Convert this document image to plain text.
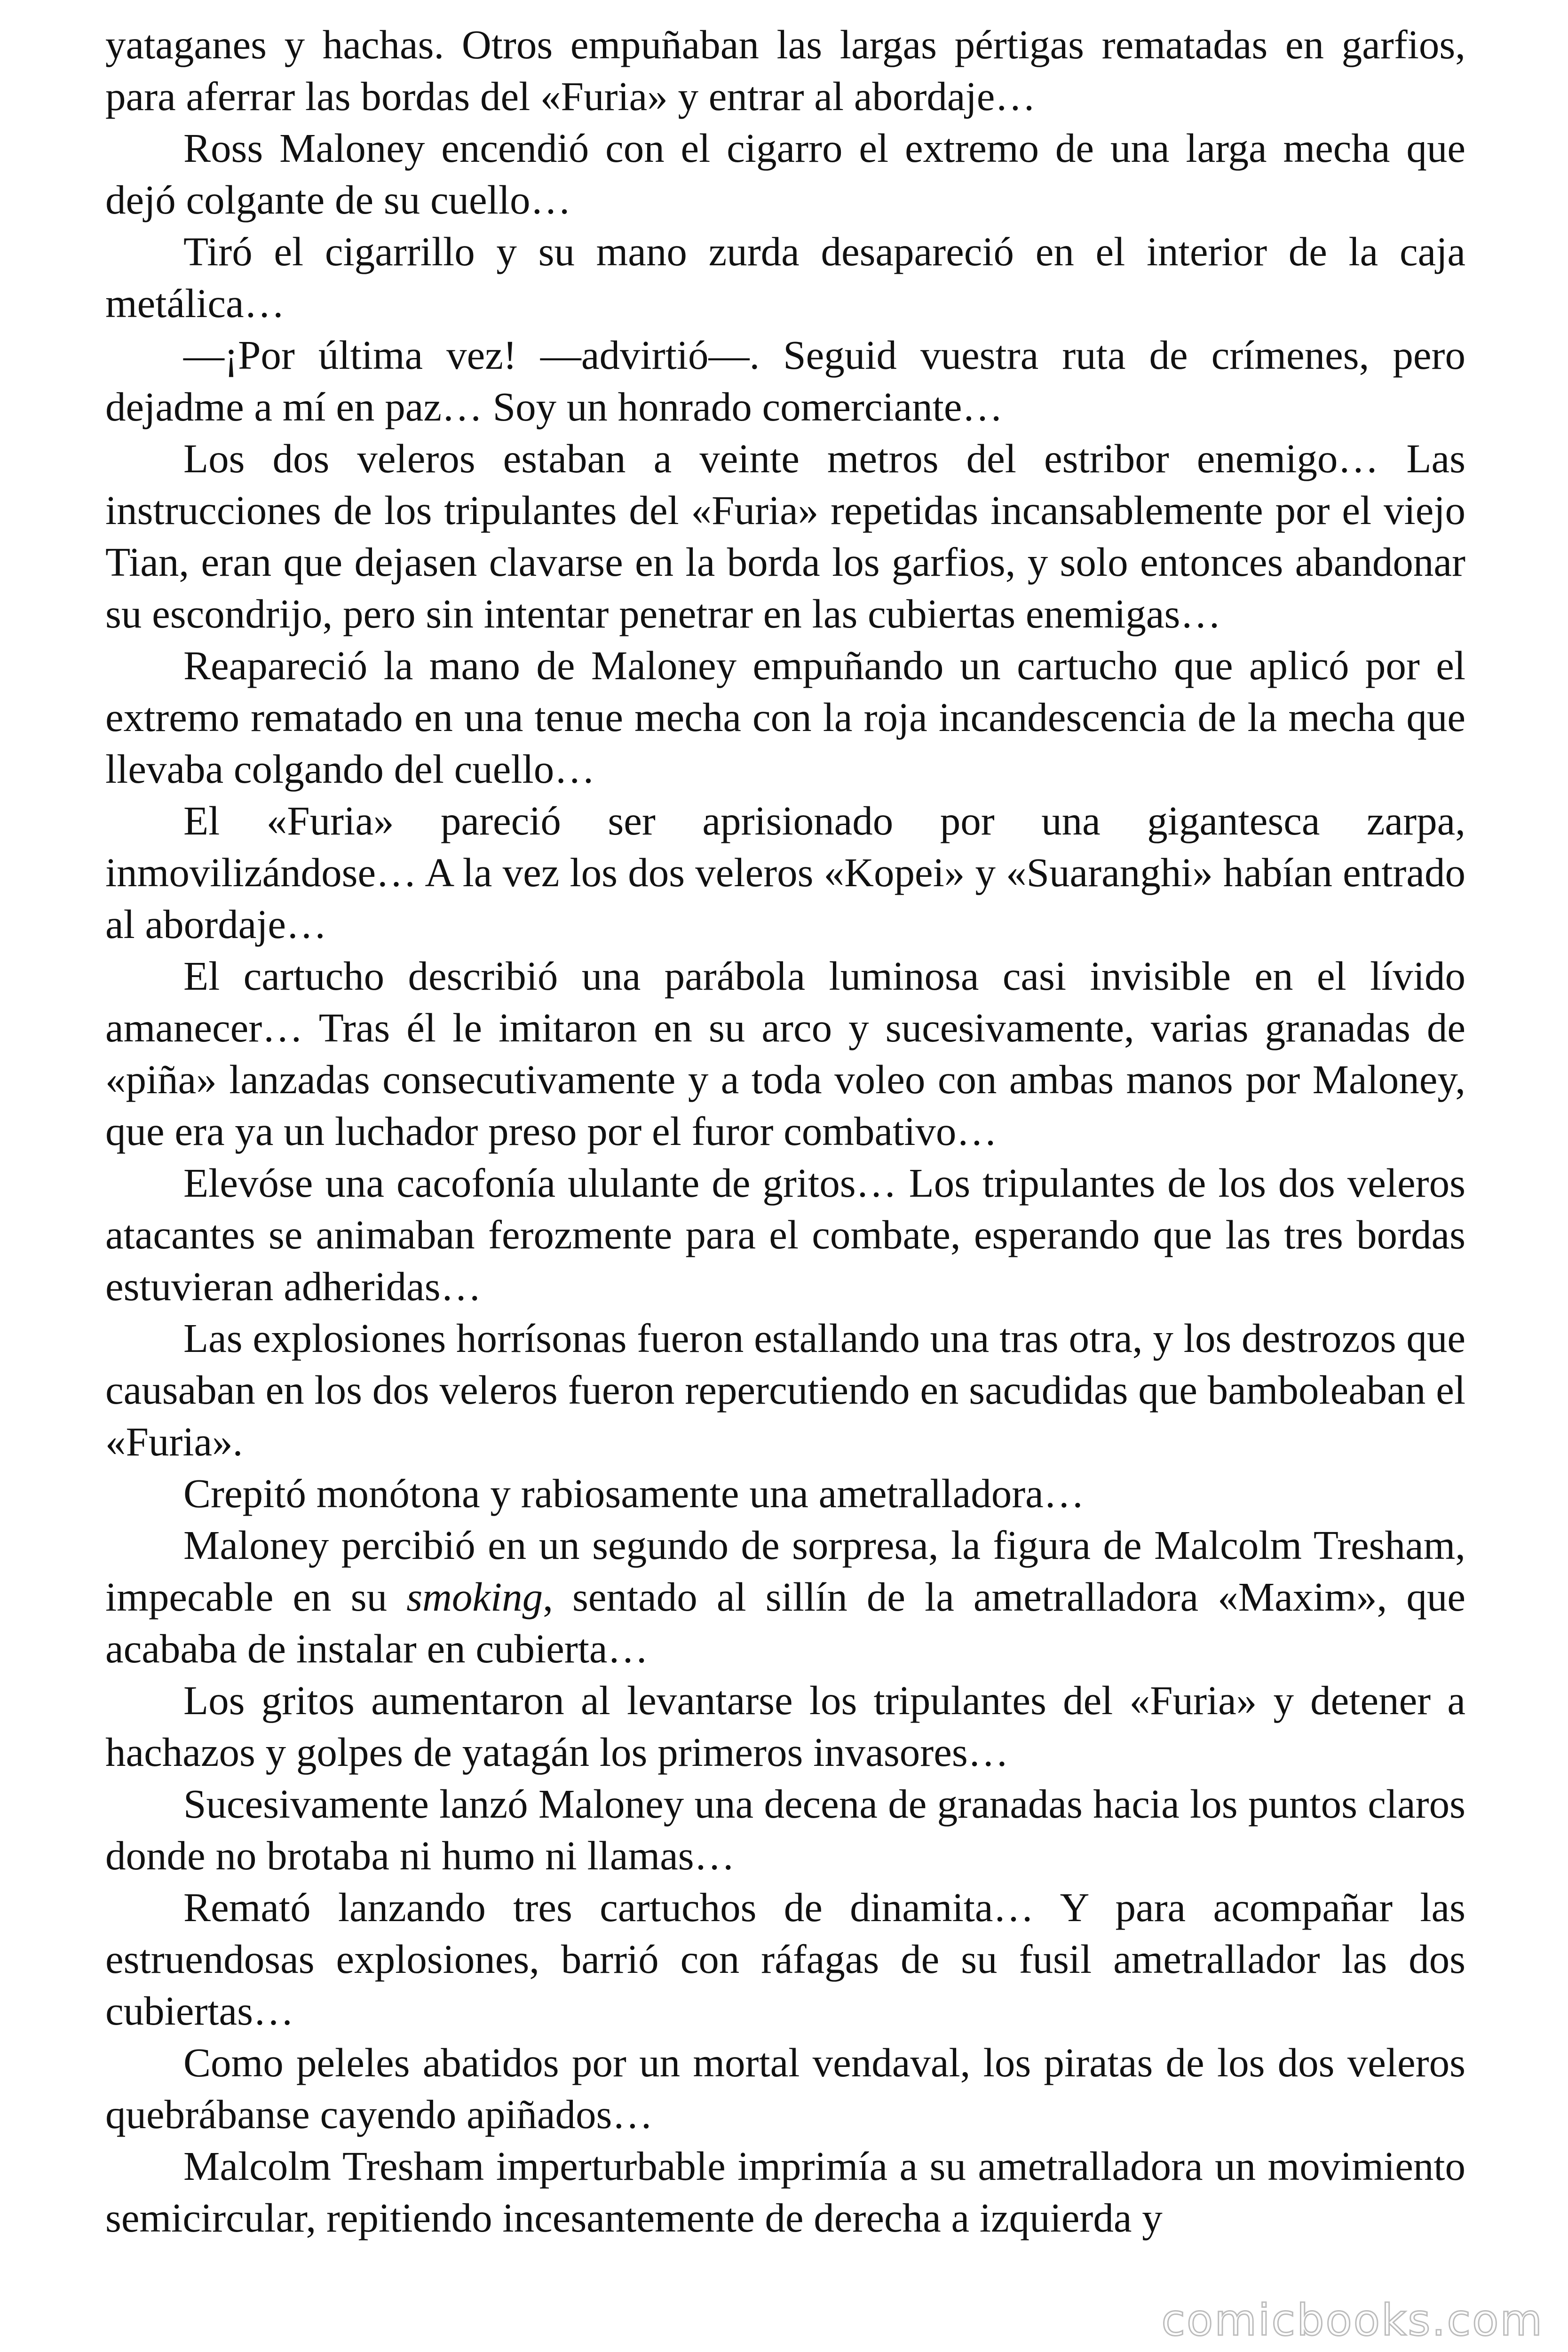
yataganes y hachas. Otros empuñaban las largas pértigas rematadas en garfios, para aferrar las bordas del «Furia» y entrar al abordaje…

Ross Maloney encendió con el cigarro el extremo de una larga mecha que dejó colgante de su cuello…

Tiró el cigarrillo y su mano zurda desapareció en el interior de la caja metálica…

—¡Por última vez! —advirtió—. Seguid vuestra ruta de crímenes, pero dejadme a mí en paz… Soy un honrado comerciante…

Los dos veleros estaban a veinte metros del estribor enemigo… Las instrucciones de los tripulantes del «Furia» repetidas incansablemente por el viejo Tian, eran que dejasen clavarse en la borda los garfios, y solo entonces abandonar su escondrijo, pero sin intentar penetrar en las cubiertas enemigas…

Reapareció la mano de Maloney empuñando un cartucho que aplicó por el extremo rematado en una tenue mecha con la roja incandescencia de la mecha que llevaba colgando del cuello…

El «Furia» pareció ser aprisionado por una gigantesca zarpa, inmovilizándose… A la vez los dos veleros «Kopei» y «Suaranghi» habían entrado al abordaje…

El cartucho describió una parábola luminosa casi invisible en el lívido amanecer… Tras él le imitaron en su arco y sucesivamente, varias granadas de «piña» lanzadas consecutivamente y a toda voleo con ambas manos por Maloney, que era ya un luchador preso por el furor combativo…

Elevóse una cacofonía ululante de gritos… Los tripulantes de los dos veleros atacantes se animaban ferozmente para el combate, esperando que las tres bordas estuvieran adheridas…

Las explosiones horrísonas fueron estallando una tras otra, y los destrozos que causaban en los dos veleros fueron repercutiendo en sacudidas que bamboleaban el «Furia».

Crepitó monótona y rabiosamente una ametralladora…

Maloney percibió en un segundo de sorpresa, la figura de Malcolm Tresham, impecable en su smoking, sentado al sillín de la ametralladora «Maxim», que acababa de instalar en cubierta…

Los gritos aumentaron al levantarse los tripulantes del «Furia» y detener a hachazos y golpes de yatagán los primeros invasores…

Sucesivamente lanzó Maloney una decena de granadas hacia los puntos claros donde no brotaba ni humo ni llamas…

Remató lanzando tres cartuchos de dinamita… Y para acompañar las estruendosas explosiones, barrió con ráfagas de su fusil ametrallador las dos cubiertas…

Como peleles abatidos por un mortal vendaval, los piratas de los dos veleros quebrábanse cayendo apiñados…

Malcolm Tresham imperturbable imprimía a su ametralladora un movimiento semicircular, repitiendo incesantemente de derecha a izquierda y

comicbooks.com
